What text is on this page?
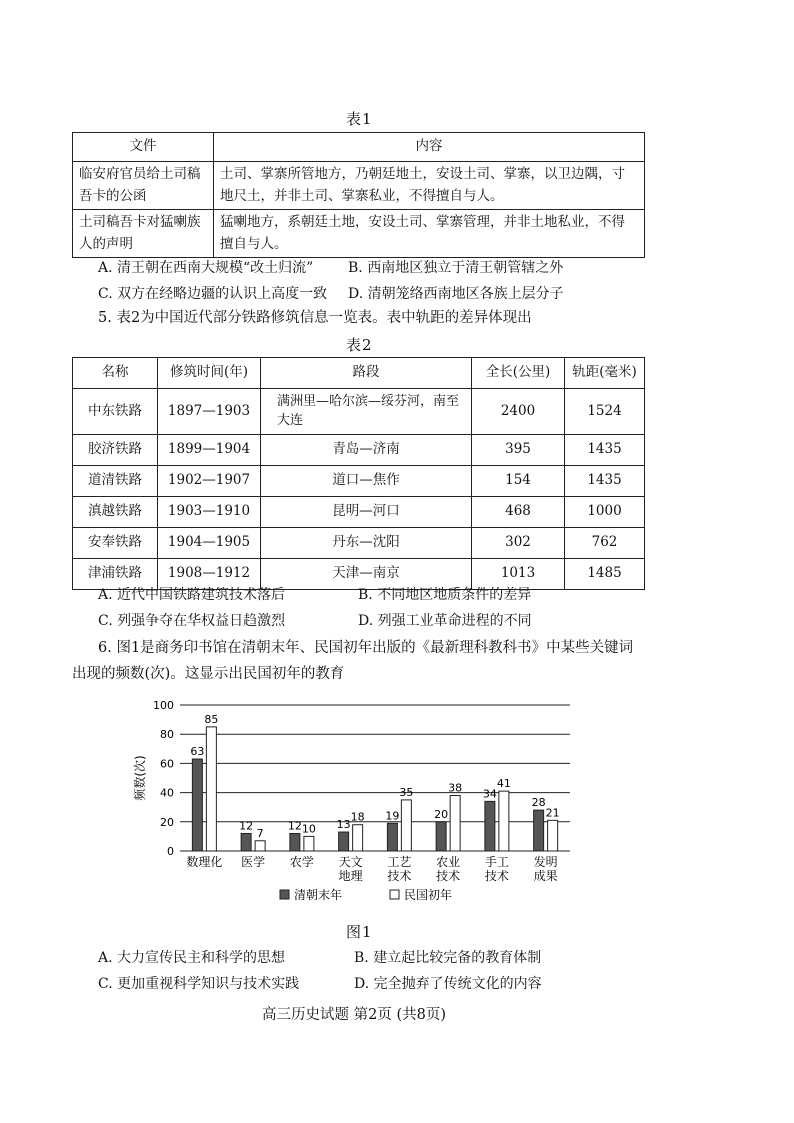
表1
文件	内容
临安府官员给土司稿吾卡的公函	土司、掌寨所管地方，乃朝廷地土，安设土司、掌寨，以卫边隅，寸地尺土，并非土司、掌寨私业，不得擅自与人。
土司稿吾卡对猛喇族人的声明	猛喇地方，系朝廷土地，安设土司、掌寨管理，并非土地私业，不得擅自与人。
A. 清王朝在西南大规模“改土归流” B. 西南地区独立于清王朝管辖之外
C. 双方在经略边疆的认识上高度一致 D. 清朝笼络西南地区各族上层分子
5. 表2为中国近代部分铁路修筑信息一览表。表中轨距的差异体现出
表2
名称	修筑时间(年)	路段	全长(公里)	轨距(毫米)
中东铁路	1897—1903	满洲里—哈尔滨—绥芬河，南至大连	2400	1524
胶济铁路	1899—1904	青岛—济南	395	1435
道清铁路	1902—1907	道口—焦作	154	1435
滇越铁路	1903—1910	昆明—河口	468	1000
安奉铁路	1904—1905	丹东—沈阳	302	762
津浦铁路	1908—1912	天津—南京	1013	1485
A. 近代中国铁路建筑技术落后	B. 不同地区地质条件的差异
C. 列强争夺在华权益日趋激烈	D. 列强工业革命进程的不同
6. 图1是商务印书馆在清朝末年、民国初年出版的《最新理科教科书》中某些关键词
出现的频数(次)。这显示出民国初年的教育
0
20
40
60
80
100
频数(次)
63
85
数理化
12
7
医学
12 10
农学
13
18
天文
地理
19
35
工艺
技术
20
38
农业
技术
34
41
手工
技术
28
21
发明
成果
清朝末年	民国初年
图1
A. 大力宣传民主和科学的思想	B. 建立起比较完备的教育体制
C. 更加重视科学知识与技术实践	D. 完全抛弃了传统文化的内容
高三历史试题 第2页 (共8页)
